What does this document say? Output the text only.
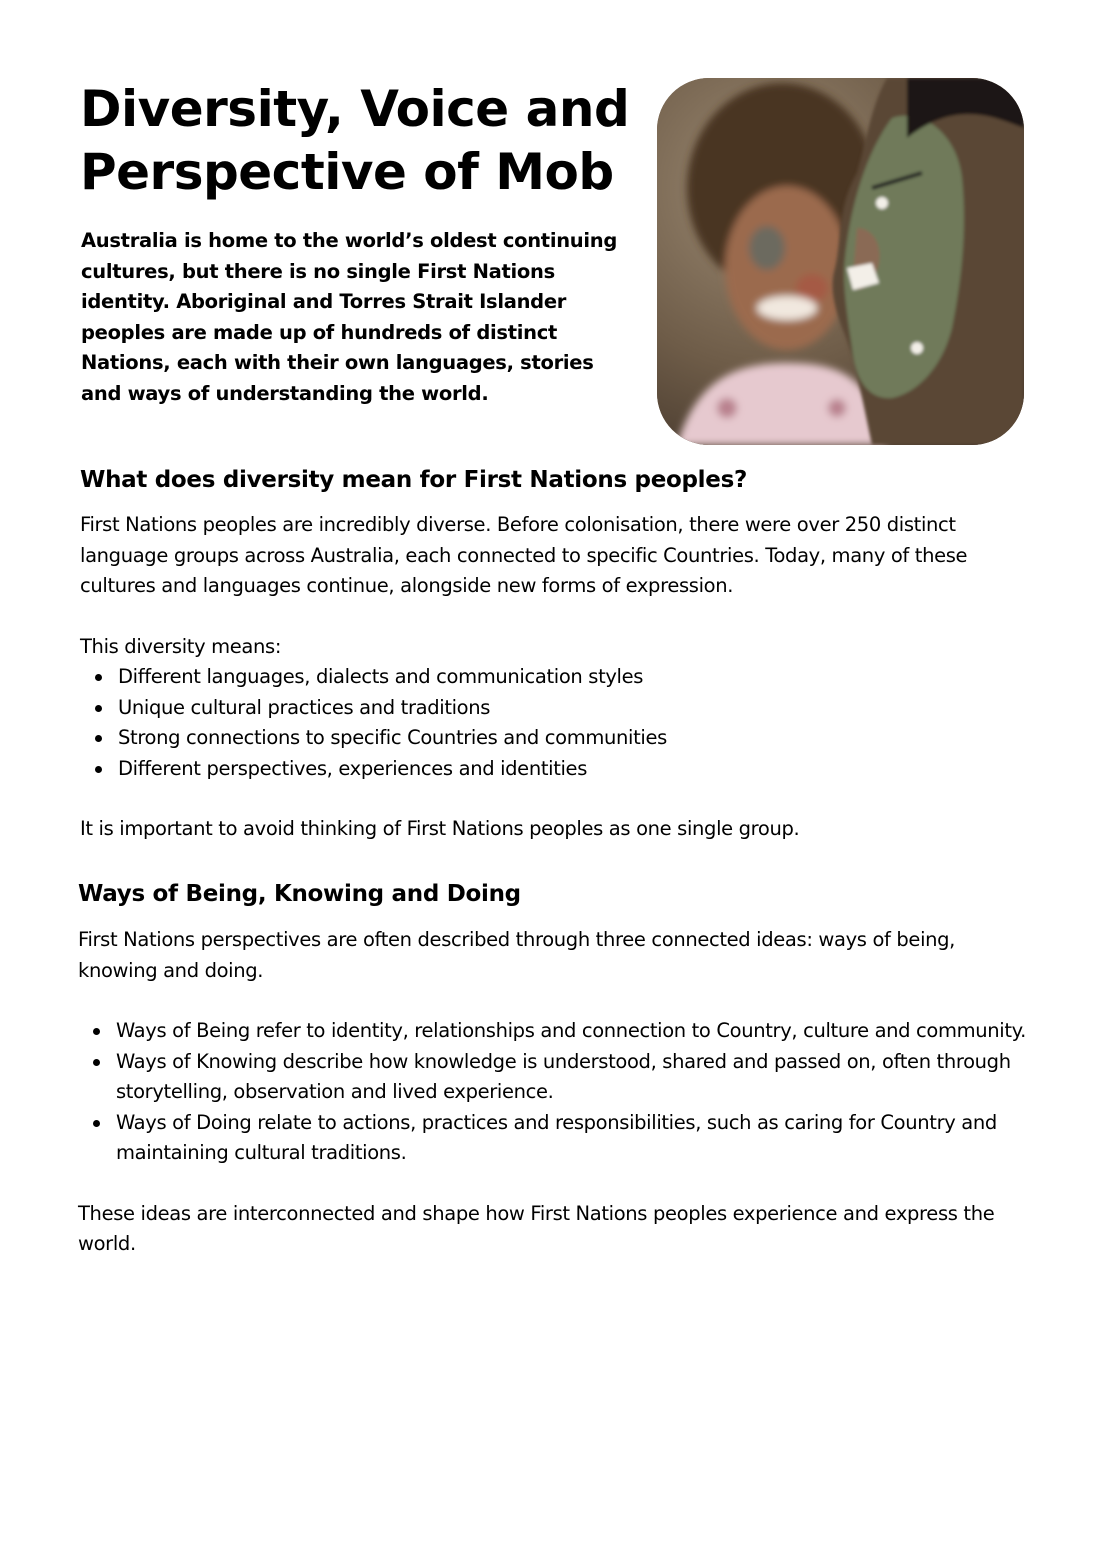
Diversity, Voice and Perspective of Mob

Australia is home to the world’s oldest continuing cultures, but there is no single First Nations identity. Aboriginal and Torres Strait Islander peoples are made up of hundreds of distinct Nations, each with their own languages, stories and ways of understanding the world.

What does diversity mean for First Nations peoples?

First Nations peoples are incredibly diverse. Before colonisation, there were over 250 distinct language groups across Australia, each connected to specific Countries. Today, many of these cultures and languages continue, alongside new forms of expression.

This diversity means:

Different languages, dialects and communication styles
Unique cultural practices and traditions
Strong connections to specific Countries and communities
Different perspectives, experiences and identities

It is important to avoid thinking of First Nations peoples as one single group.

Ways of Being, Knowing and Doing

First Nations perspectives are often described through three connected ideas: ways of being, knowing and doing.

Ways of Being refer to identity, relationships and connection to Country, culture and community.
Ways of Knowing describe how knowledge is understood, shared and passed on, often through storytelling, observation and lived experience.
Ways of Doing relate to actions, practices and responsibilities, such as caring for Country and maintaining cultural traditions.

These ideas are interconnected and shape how First Nations peoples experience and express the world.
